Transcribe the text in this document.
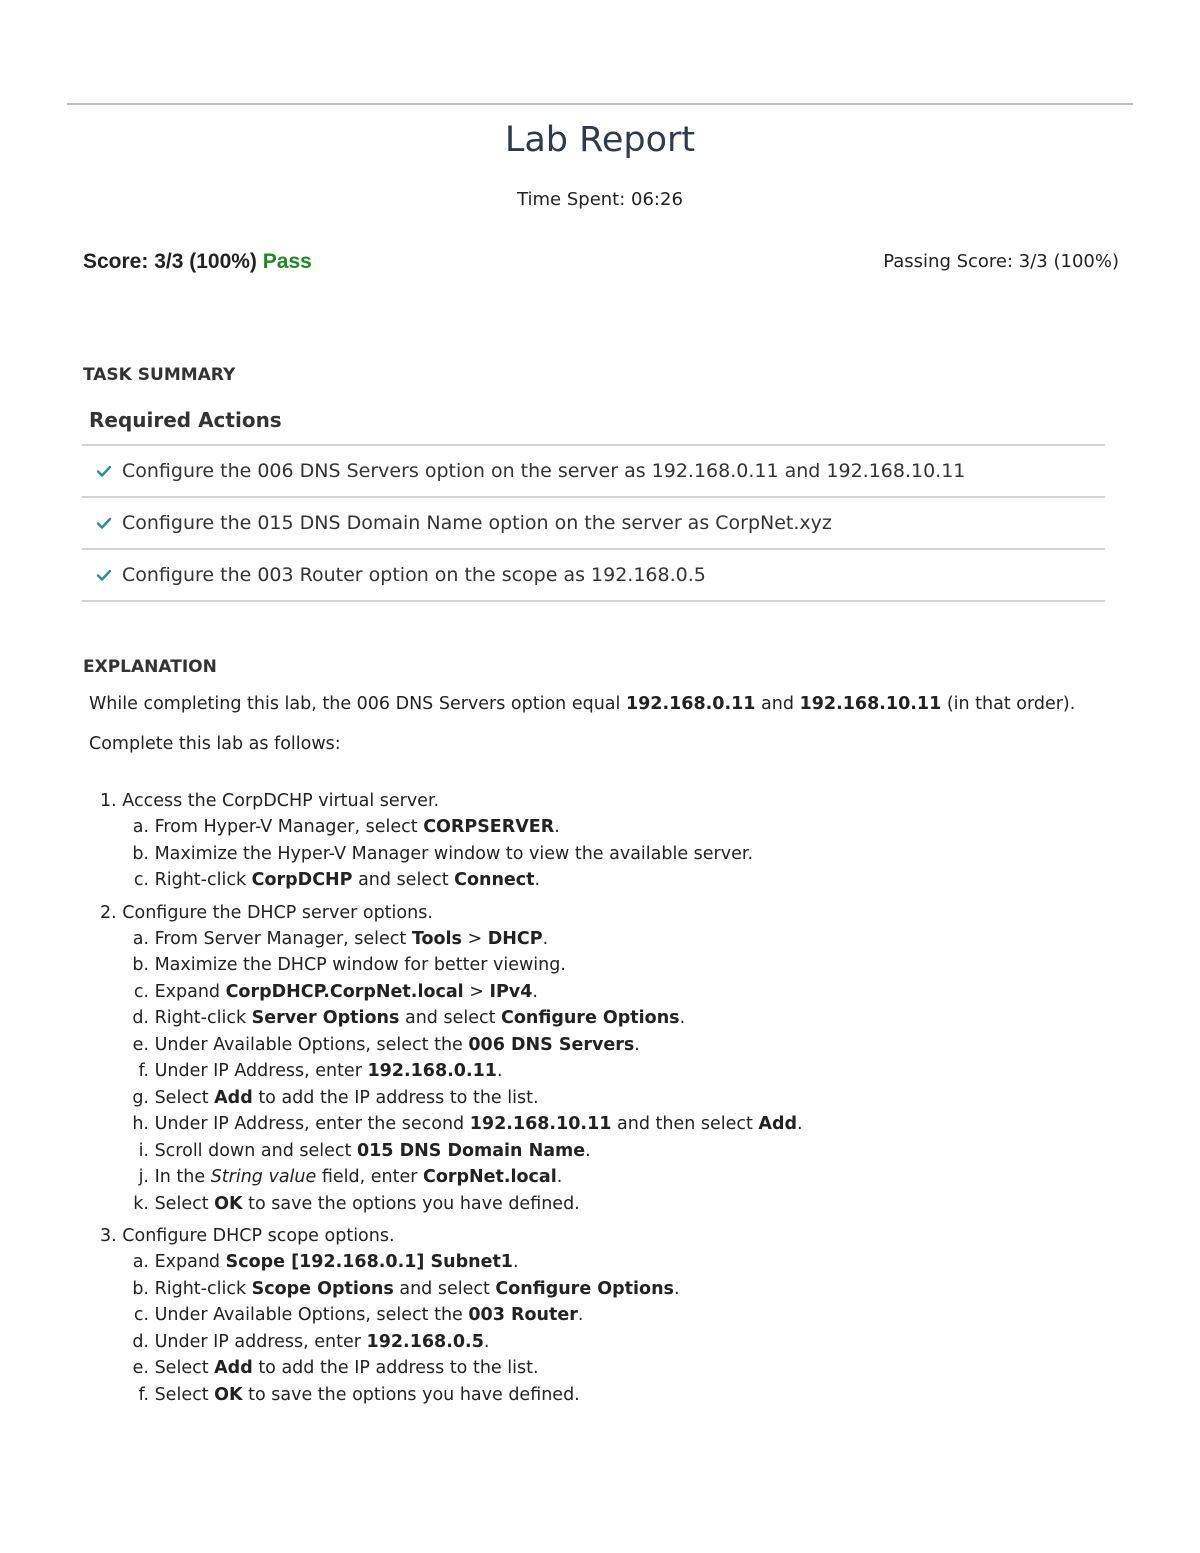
Lab Report
Time Spent: 06:26
Score: 3/3 (100%) Pass	Passing Score: 3/3 (100%)
TASK SUMMARY
Required Actions
Configure the 006 DNS Servers option on the server as 192.168.0.11 and 192.168.10.11
Configure the 015 DNS Domain Name option on the server as CorpNet.xyz
Configure the 003 Router option on the scope as 192.168.0.5
EXPLANATION
While completing this lab, the 006 DNS Servers option equal 192.168.0.11 and 192.168.10.11 (in that order).
Complete this lab as follows:
1. Access the CorpDCHP virtual server.
a. From Hyper-V Manager, select CORPSERVER.
b. Maximize the Hyper-V Manager window to view the available server.
c. Right-click CorpDCHP and select Connect.
2. Configure the DHCP server options.
a. From Server Manager, select Tools > DHCP.
b. Maximize the DHCP window for better viewing.
c. Expand CorpDHCP.CorpNet.local > IPv4.
d. Right-click Server Options and select Configure Options.
e. Under Available Options, select the 006 DNS Servers.
f. Under IP Address, enter 192.168.0.11.
g. Select Add to add the IP address to the list.
h. Under IP Address, enter the second 192.168.10.11 and then select Add.
i. Scroll down and select 015 DNS Domain Name.
j. In the String value field, enter CorpNet.local.
k. Select OK to save the options you have defined.
3. Configure DHCP scope options.
a. Expand Scope [192.168.0.1] Subnet1.
b. Right-click Scope Options and select Configure Options.
c. Under Available Options, select the 003 Router.
d. Under IP address, enter 192.168.0.5.
e. Select Add to add the IP address to the list.
f. Select OK to save the options you have defined.
